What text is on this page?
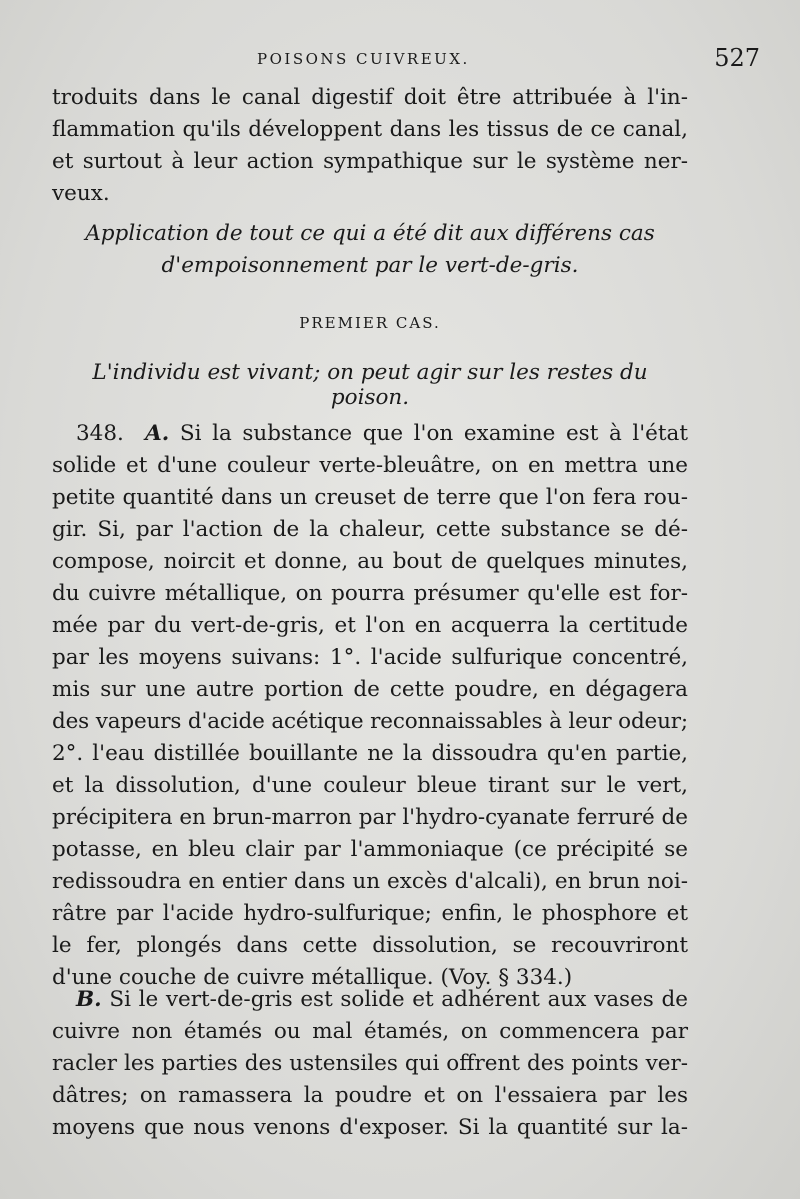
POISONS CUIVREUX.	527
troduits dans le canal digestif doit être attribuée à l'in-
flammation qu'ils développent dans les tissus de ce canal,
et surtout à leur action sympathique sur le système ner-
veux.
Application de tout ce qui a été dit aux différens cas
d'empoisonnement par le vert-de-gris.
PREMIER CAS.
L'individu est vivant; on peut agir sur les restes du poison.
348. A. Si la substance que l'on examine est à l'état
solide et d'une couleur verte-bleuâtre, on en mettra une
petite quantité dans un creuset de terre que l'on fera rou-
gir. Si, par l'action de la chaleur, cette substance se dé-
compose, noircit et donne, au bout de quelques minutes,
du cuivre métallique, on pourra présumer qu'elle est for-
mée par du vert-de-gris, et l'on en acquerra la certitude
par les moyens suivans: 1°. l'acide sulfurique concentré,
mis sur une autre portion de cette poudre, en dégagera
des vapeurs d'acide acétique reconnaissables à leur odeur;
2°. l'eau distillée bouillante ne la dissoudra qu'en partie,
et la dissolution, d'une couleur bleue tirant sur le vert,
précipitera en brun-marron par l'hydro-cyanate ferruré de
potasse, en bleu clair par l'ammoniaque (ce précipité se
redissoudra en entier dans un excès d'alcali), en brun noi-
râtre par l'acide hydro-sulfurique; enfin, le phosphore et
le fer, plongés dans cette dissolution, se recouvriront
d'une couche de cuivre métallique. (Voy. § 334.)
B. Si le vert-de-gris est solide et adhérent aux vases de
cuivre non étamés ou mal étamés, on commencera par
racler les parties des ustensiles qui offrent des points ver-
dâtres; on ramassera la poudre et on l'essaiera par les
moyens que nous venons d'exposer. Si la quantité sur la-
